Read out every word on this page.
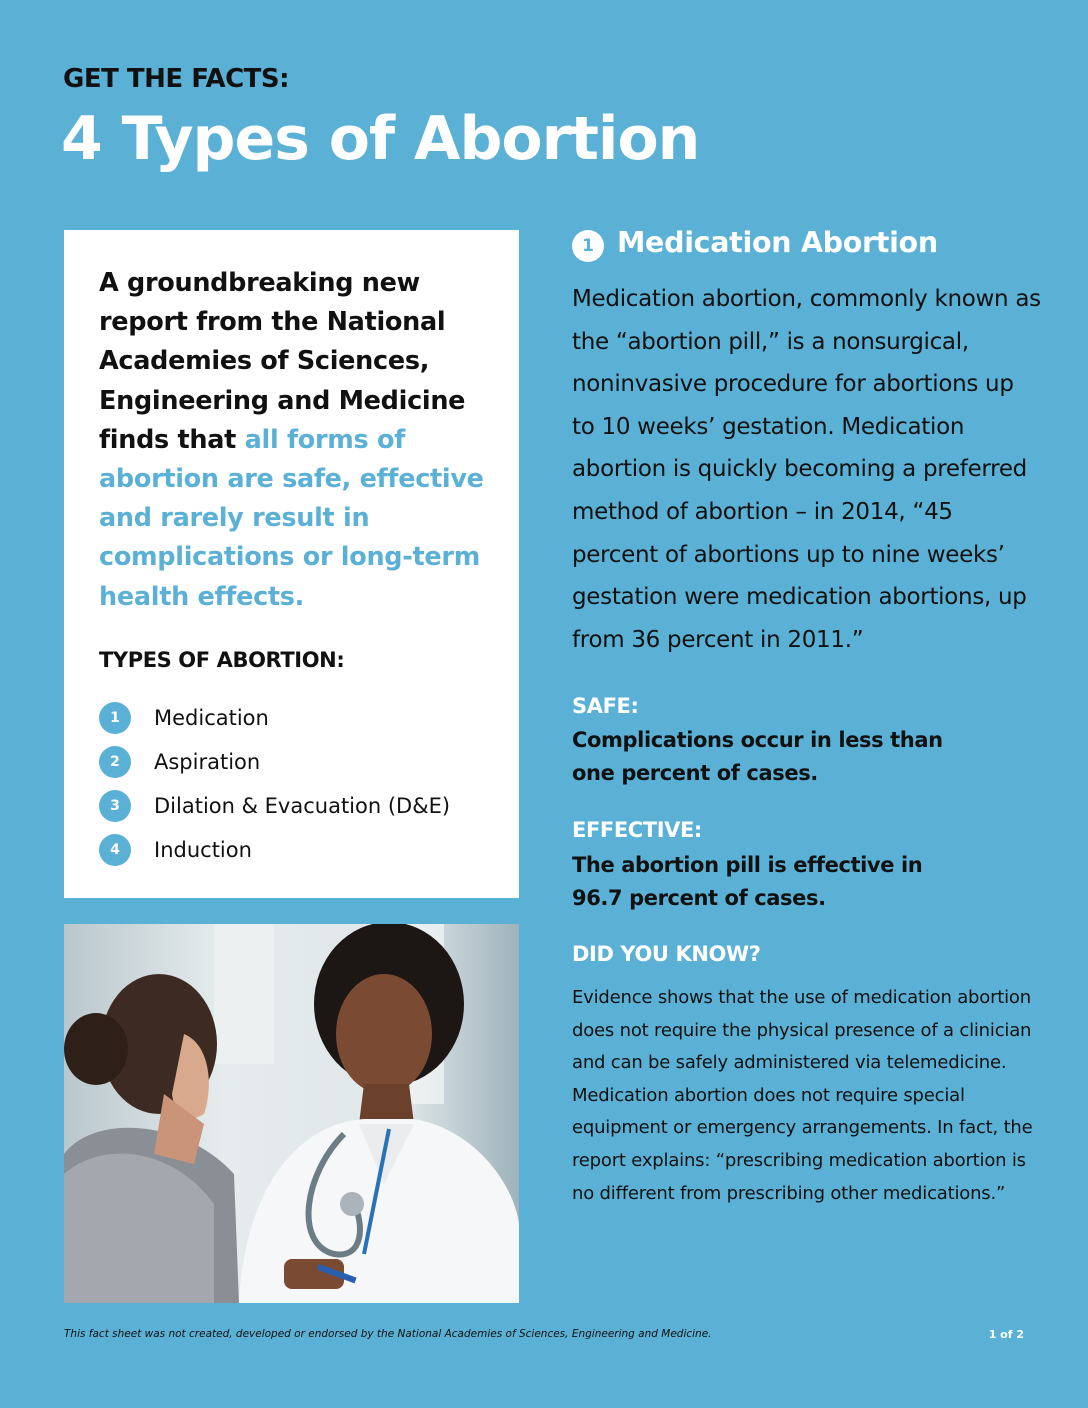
GET THE FACTS:
4 Types of Abortion
A groundbreaking new report from the National Academies of Sciences, Engineering and Medicine finds that all forms of abortion are safe, effective and rarely result in complications or long-term health effects.
TYPES OF ABORTION:
1	Medication
2	Aspiration
3	Dilation & Evacuation (D&E)
4	Induction
1 Medication Abortion
Medication abortion, commonly known as the “abortion pill,” is a nonsurgical, noninvasive procedure for abortions up to 10 weeks’ gestation. Medication abortion is quickly becoming a preferred method of abortion – in 2014, “45 percent of abortions up to nine weeks’ gestation were medication abortions, up from 36 percent in 2011.”
SAFE:
Complications occur in less than one percent of cases.
EFFECTIVE:
The abortion pill is effective in 96.7 percent of cases.
DID YOU KNOW?
Evidence shows that the use of medication abortion does not require the physical presence of a clinician and can be safely administered via telemedicine. Medication abortion does not require special equipment or emergency arrangements. In fact, the report explains: “prescribing medication abortion is no different from prescribing other medications.”
This fact sheet was not created, developed or endorsed by the National Academies of Sciences, Engineering and Medicine.	1 of 2
